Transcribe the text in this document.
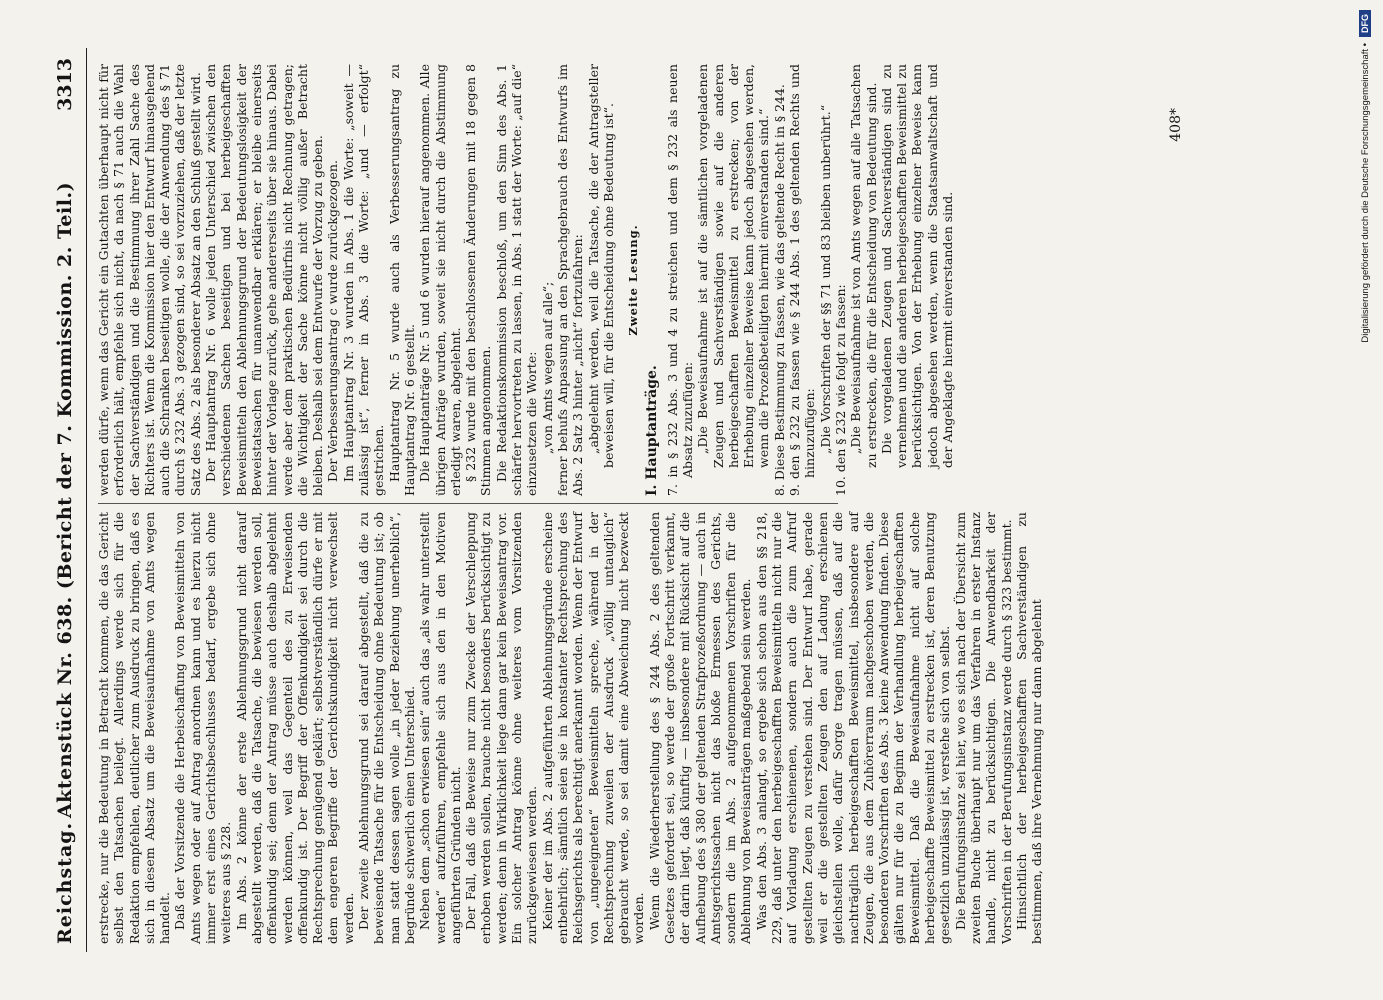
Reichstag.
Aktenstück Nr. 638. (Bericht der 7. Kommission. 2. Teil.)
3313

erstrecke, nur die Bedeutung in Betracht kommen, die das Gericht selbst den Tatsachen beilegt. Allerdings werde sich für die Redaktion empfehlen, deutlicher zum Ausdruck zu bringen, daß es sich in diesem Absatz um die Beweisaufnahme von Amts wegen handelt. Daß der Vorsitzende die Herbeischaffung von Beweismitteln von Amts wegen oder auf Antrag anordnen kann und es hierzu nicht immer erst eines Gerichtsbeschlusses bedarf, ergebe sich ohne weiteres aus § 228. Im Abs. 2 könne der erste Ablehnungsgrund nicht darauf abgestellt werden, daß die Tatsache, die bewiesen werden soll, offenkundig sei; denn der Antrag müsse auch deshalb abgelehnt werden können, weil das Gegenteil des zu Erweisenden offenkundig ist. Der Begriff der Offenkundigkeit sei durch die Rechtsprechung genügend geklärt; selbstverständlich dürfe er mit dem engeren Begriffe der Gerichtskundigkeit nicht verwechselt werden. Der zweite Ablehnungsgrund sei darauf abgestellt, daß die zu beweisende Tatsache für die Entscheidung ohne Bedeutung ist; ob man statt dessen sagen wolle „in jeder Beziehung unerheblich“, begründe schwerlich einen Unterschied. Neben dem „schon erwiesen sein“ auch das „als wahr unterstellt werden“ aufzuführen, empfehle sich aus den in den Motiven angeführten Gründen nicht. Der Fall, daß die Beweise nur zum Zwecke der Verschleppung erhoben werden sollen, brauche nicht besonders berücksichtigt zu werden; denn in Wirklichkeit liege dann gar kein Beweisantrag vor. Ein solcher Antrag könne ohne weiteres vom Vorsitzenden zurückgewiesen werden. Keiner der im Abs. 2 aufgeführten Ablehnungsgründe erscheine entbehrlich; sämtlich seien sie in konstanter Rechtsprechung des Reichsgerichts als berechtigt anerkannt worden. Wenn der Entwurf von „ungeeigneten“ Beweismitteln spreche, während in der Rechtsprechung zuweilen der Ausdruck „völlig untauglich“ gebraucht werde, so sei damit eine Abweichung nicht bezweckt worden. Wenn die Wiederherstellung des § 244 Abs. 2 des geltenden Gesetzes gefordert sei, so werde der große Fortschritt verkannt, der darin liegt, daß künftig — insbesondere mit Rücksicht auf die Aufhebung des § 380 der geltenden Strafprozeßordnung — auch in Amtsgerichtssachen nicht das bloße Ermessen des Gerichts, sondern die im Abs. 2 aufgenommenen Vorschriften für die Ablehnung von Beweisanträgen maßgebend sein werden. Was den Abs. 3 anlangt, so ergebe sich schon aus den §§ 218, 229, daß unter den herbeigeschafften Beweismitteln nicht nur die auf Vorladung erschienenen, sondern auch die zum Aufruf gestellten Zeugen zu verstehen sind. Der Entwurf habe, gerade weil er die gestellten Zeugen den auf Ladung erschienen gleichstellen wolle, dafür Sorge tragen müssen, daß auf die nachträglich herbeigeschafften Beweismittel, insbesondere auf Zeugen, die aus dem Zuhörerraum nachgeschoben werden, die besonderen Vorschriften des Abs. 3 keine Anwendung finden. Diese gälten nur für die zu Beginn der Verhandlung herbeigeschafften Beweismittel. Daß die Beweisaufnahme nicht auf solche herbeigeschaffte Beweismittel zu erstrecken ist, deren Benutzung gesetzlich unzulässig ist, verstehe sich von selbst. Die Berufungsinstanz sei hier, wo es sich nach der Übersicht zum zweiten Buche überhaupt nur um das Verfahren in erster Instanz handle, nicht zu berücksichtigen. Die Anwendbarkeit der Vorschriften in der Berufungsinstanz werde durch § 323 bestimmt. Hinsichtlich der herbeigeschafften Sachverständigen zu bestimmen, daß ihre Vernehmung nur dann abgelehnt

werden dürfe, wenn das Gericht ein Gutachten überhaupt nicht für erforderlich hält, empfehle sich nicht, da nach § 71 auch die Wahl der Sachverständigen und die Bestimmung ihrer Zahl Sache des Richters ist. Wenn die Kommission hier den Entwurf hinausgehend auch die Schranken beseitigen wolle, die der Anwendung des § 71 durch § 232 Abs. 3 gezogen sind, so sei vorzuziehen, daß der letzte Satz des Abs. 2 als besonderer Absatz an den Schluß gestellt wird. Der Hauptantrag Nr. 6 wolle jeden Unterschied zwischen den verschiedenen Sachen beseitigen und bei herbeigeschafften Beweismitteln den Ablehnungsgrund der Bedeutungslosigkeit der Beweistatsachen für unanwendbar erklären; er bleibe einerseits hinter der Vorlage zurück, gehe andererseits über sie hinaus. Dabei werde aber dem praktischen Bedürfnis nicht Rechnung getragen; die Wichtigkeit der Sache könne nicht völlig außer Betracht bleiben. Deshalb sei dem Entwurfe der Vorzug zu geben. Der Verbesserungsantrag c wurde zurückgezogen. Im Hauptantrag Nr. 3 wurden in Abs. 1 die Worte: „soweit — zulässig ist“, ferner in Abs. 3 die Worte: „und — erfolgt“ gestrichen. Hauptantrag Nr. 5 wurde auch als Verbesserungsantrag zu Hauptantrag Nr. 6 gestellt. Die Hauptanträge Nr. 5 und 6 wurden hierauf angenommen. Alle übrigen Anträge wurden, soweit sie nicht durch die Abstimmung erledigt waren, abgelehnt. § 232 wurde mit den beschlossenen Änderungen mit 18 gegen 8 Stimmen angenommen. Die Redaktionskommission beschloß, um den Sinn des Abs. 1 schärfer hervortreten zu lassen, in Abs. 1 statt der Worte: „auf die“ einzusetzen die Worte: „von Amts wegen auf alle“; ferner behufs Anpassung an den Sprachgebrauch des Entwurfs im Abs. 2 Satz 3 hinter „nicht“ fortzufahren: „abgelehnt werden, weil die Tatsache, die der Antragsteller beweisen will, für die Entscheidung ohne Bedeutung ist“. Zweite Lesung.

I. Hauptanträge. 7. in § 232 Abs. 3 und 4 zu streichen und dem § 232 als neuen Absatz zuzufügen: „Die Beweisaufnahme ist auf die sämtlichen vorgeladenen Zeugen und Sachverständigen sowie auf die anderen herbeigeschafften Beweismittel zu erstrecken; von der Erhebung einzelner Beweise kann jedoch abgesehen werden, wenn die Prozeßbeteiligten hiermit einverstanden sind.“ 8. Diese Bestimmung zu fassen, wie das geltende Recht in § 244. 9. den § 232 zu fassen wie § 244 Abs. 1 des geltenden Rechts und hinzuzufügen: „Die Vorschriften der §§ 71 und 83 bleiben unberührt.“ 10. den § 232 wie folgt zu fassen: „Die Beweisaufnahme ist von Amts wegen auf alle Tatsachen zu erstrecken, die für die Entscheidung von Bedeutung sind. Die vorgeladenen Zeugen und Sachverständigen sind zu vernehmen und die anderen herbeigeschafften Beweismittel zu berücksichtigen. Von der Erhebung einzelner Beweise kann jedoch abgesehen werden, wenn die Staatsanwaltschaft und der Angeklagte hiermit einverstanden sind.

408*	Digitalisierung gefördert durch die Deutsche Forschungsgemeinschaft •
DFG
